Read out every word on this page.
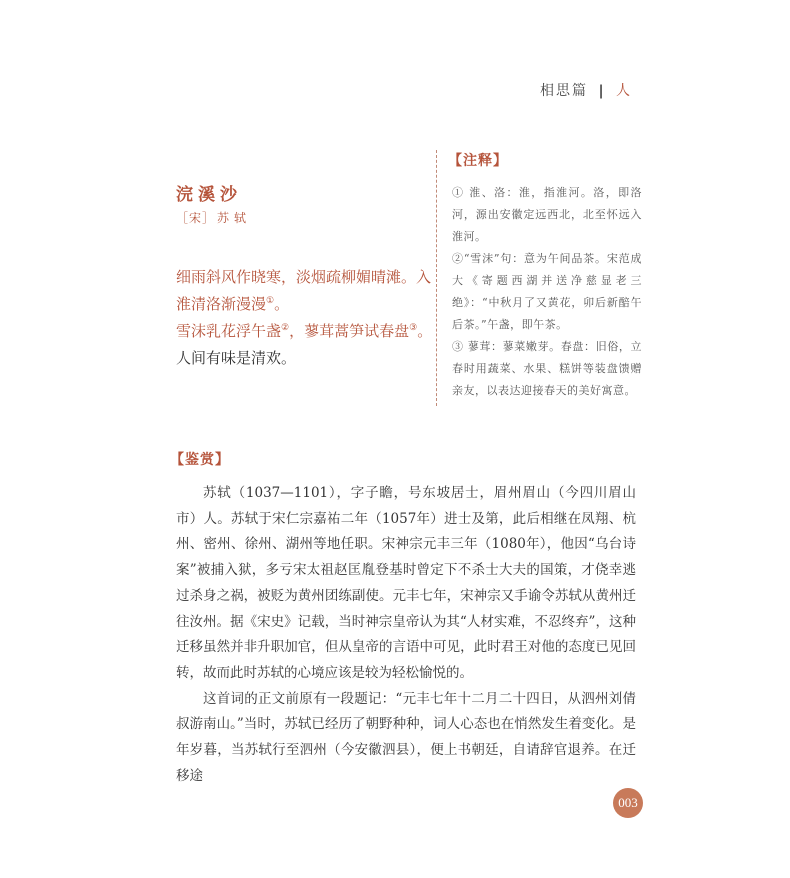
相思篇 | 人
浣溪沙
［宋］ 苏轼
细雨斜风作晓寒，淡烟疏柳媚晴滩。入
淮清洛渐漫漫①。
雪沫乳花浮午盏②，蓼茸蒿笋试春盘③。
人间有味是清欢。
【注释】

① 淮、洛：淮，指淮河。洛，即洛河，源出安徽定远西北，北至怀远入淮河。

②“雪沫”句：意为午间品茶。宋范成大《寄题西湖并送净慈显老三绝》：“中秋月了又黄花，卯后新醅午后茶。”午盏，即午茶。

③ 蓼茸：蓼菜嫩芽。春盘：旧俗，立春时用蔬菜、水果、糕饼等装盘馈赠亲友，以表达迎接春天的美好寓意。

【鉴赏】

苏轼（1037—1101），字子瞻，号东坡居士，眉州眉山（今四川眉山市）人。苏轼于宋仁宗嘉祐二年（1057年）进士及第，此后相继在凤翔、杭州、密州、徐州、湖州等地任职。宋神宗元丰三年（1080年），他因“乌台诗案”被捕入狱，多亏宋太祖赵匡胤登基时曾定下不杀士大夫的国策，才侥幸逃过杀身之祸，被贬为黄州团练副使。元丰七年，宋神宗又手谕令苏轼从黄州迁往汝州。据《宋史》记载，当时神宗皇帝认为其“人材实难，不忍终弃”，这种迁移虽然并非升职加官，但从皇帝的言语中可见，此时君王对他的态度已见回转，故而此时苏轼的心境应该是较为轻松愉悦的。

这首词的正文前原有一段题记：“元丰七年十二月二十四日，从泗州刘倩叔游南山。”当时，苏轼已经历了朝野种种，词人心态也在悄然发生着变化。是年岁暮，当苏轼行至泗州（今安徽泗县），便上书朝廷，自请辞官退养。在迁移途

003
